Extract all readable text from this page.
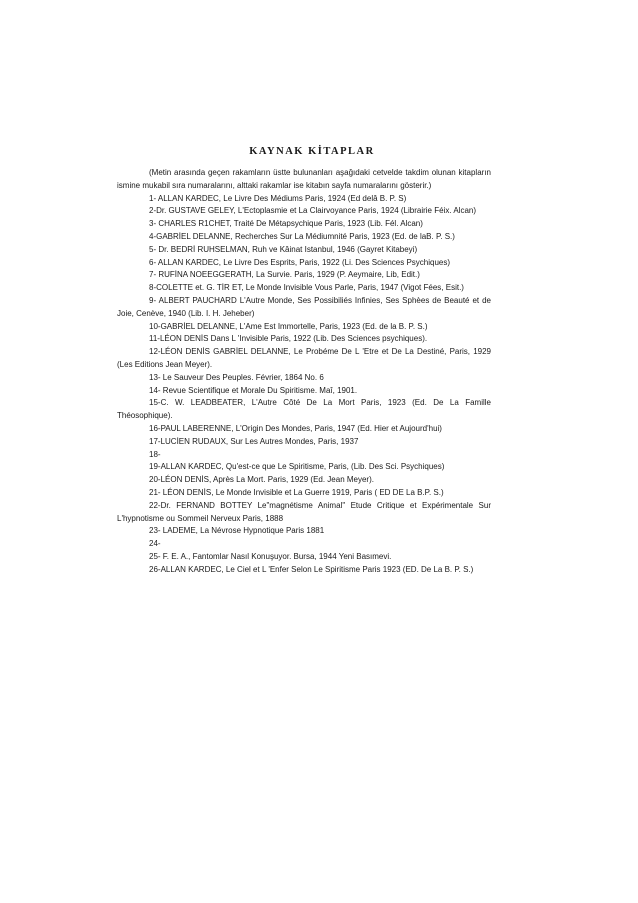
KAYNAK KİTAPLAR

(Metin arasında geçen rakamların üstte bulunanları aşağıdaki cetvelde takdim olunan kitapların ismine mukabil sıra numaralarını, alttaki rakamlar ise kitabın sayfa numaralarını gösterir.)

1- ALLAN KARDEC, Le Livre Des Médiums Paris, 1924 (Ed delâ B. P. S)

2-Dr. GUSTAVE GELEY, L'Ectoplasmie et La Clairvoyance Paris, 1924 (Librairie Féix. Alcan)

3- CHARLES R1CHET, Traité De Métapsychique Paris, 1923 (Lib. Fél. Alcan)

4-GABRİEL DELANNE, Recherches Sur La Médiumnité Paris, 1923 (Ed. de laB. P. S.)

5- Dr. BEDRİ RUHSELMAN, Ruh ve Kâinat Istanbul, 1946 (Gayret Kitabeyi)

6- ALLAN KARDEC, Le Livre Des Esprits, Paris, 1922 (Li. Des Sciences Psychiques)

7- RUFİNA NOEEGGERATH, La Survie. Paris, 1929 (P. Aeymaire, Lib, Edit.)

8-COLETTE et. G. TİR ET, Le Monde Invisible Vous Parle, Paris, 1947 (Vigot Fées, Esit.)

9- ALBERT PAUCHARD L'Autre Monde, Ses Possibiliés Infinies, Ses Sphèes de Beauté et de Joie, Cenève, 1940 (Lib. I. H. Jeheber)

10-GABRİEL DELANNE, L'Ame Est Immortelle, Paris, 1923 (Ed. de la B. P. S.)

11-LÉON DENİS Dans L 'Invisible Paris, 1922 (Lib. Des Sciences psychiques).

12-LÉON DENİS GABRİEL DELANNE, Le Probéme De L 'Etre et De La Destiné, Paris, 1929 (Les Editions Jean Meyer).

13- Le Sauveur Des Peuples. Février, 1864 No. 6

14- Revue Scientifique et Morale Du Spiritisme. Maî, 1901.

15-C. W. LEADBEATER, L'Autre Côté De La Mort Paris, 1923 (Ed. De La Famille Théosophique).

16-PAUL LABERENNE, L'Origin Des Mondes, Paris, 1947 (Ed. Hier et Aujourd'hui)

17-LUCİEN RUDAUX, Sur Les Autres Mondes, Paris, 1937

18-

19-ALLAN KARDEC, Qu'est-ce que Le Spiritisme, Paris, (Lib. Des Sci. Psychiques)

20-LÉON DENİS, Après La Mort. Paris, 1929 (Ed. Jean Meyer).

21- LÉON DENİS, Le Monde Invisible et La Guerre 1919, Paris ( ED DE La B.P. S.)

22-Dr. FERNAND BOTTEY Le"magnétisme Animal" Etude Critique et Expérimentale Sur L'hypnotisme ou Sommeil Nerveux Paris, 1888

23- LADEME, La Névrose Hypnotique Paris 1881

24-

25- F. E. A., Fantomlar Nasıl Konuşuyor. Bursa, 1944 Yeni Basımevi.

26-ALLAN KARDEC, Le Ciel et L 'Enfer Selon Le Spiritisme Paris 1923 (ED. De La B. P. S.)
